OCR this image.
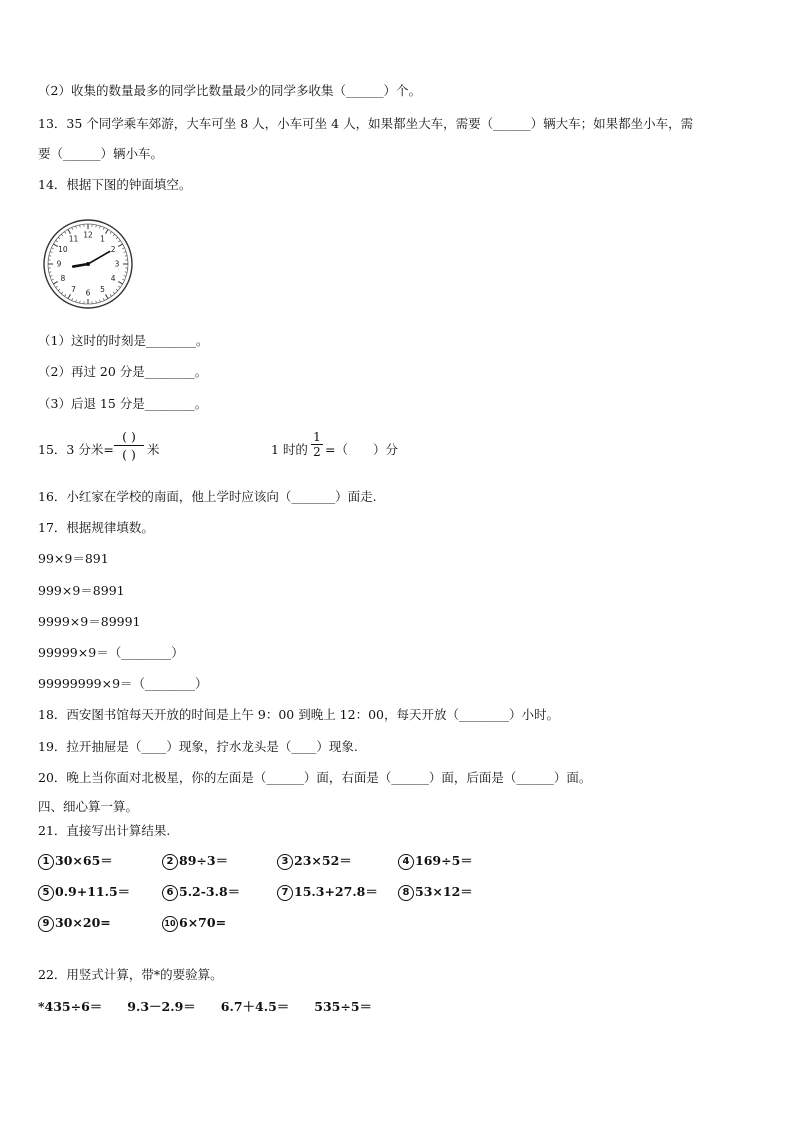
（2）收集的数量最多的同学比数量最少的同学多收集（______）个。
13．35 个同学乘车郊游，大车可坐 8 人，小车可坐 4 人，如果都坐大车，需要（______）辆大车；如果都坐小车，需
要（______）辆小车。
14．根据下图的钟面填空。
12 1
2
3
4
5
6
7
8
9
10
11
（1）这时的时刻是________。
（2）再过 20 分是________。
（3）后退 15 分是________。
15．3 分米=
( )
( ) 米	1 时的
1
2 =（　　）分
16．小红家在学校的南面，他上学时应该向（_______）面走.
17．根据规律填数。
99×9＝891
999×9＝8991
9999×9＝89991
99999×9＝（________）
99999999×9＝（________）
18．西安图书馆每天开放的时间是上午 9：00 到晚上 12：00，每天开放（________）小时。
19．拉开抽屉是（____）现象，拧水龙头是（____）现象.
20．晚上当你面对北极星，你的左面是（______）面，右面是（______）面，后面是（______）面。
四、细心算一算。
21．直接写出计算结果.
1 30×65＝	2 89÷3＝	3 23×52＝	4 169÷5＝
5 0.9+11.5＝	6 5.2-3.8＝	7 15.3+27.8＝	8 53×12＝
9 30×20=	10 6×70=
22．用竖式计算，带*的要验算。
*435÷6＝　　9.3－2.9＝　　6.7＋4.5＝　　535÷5＝
